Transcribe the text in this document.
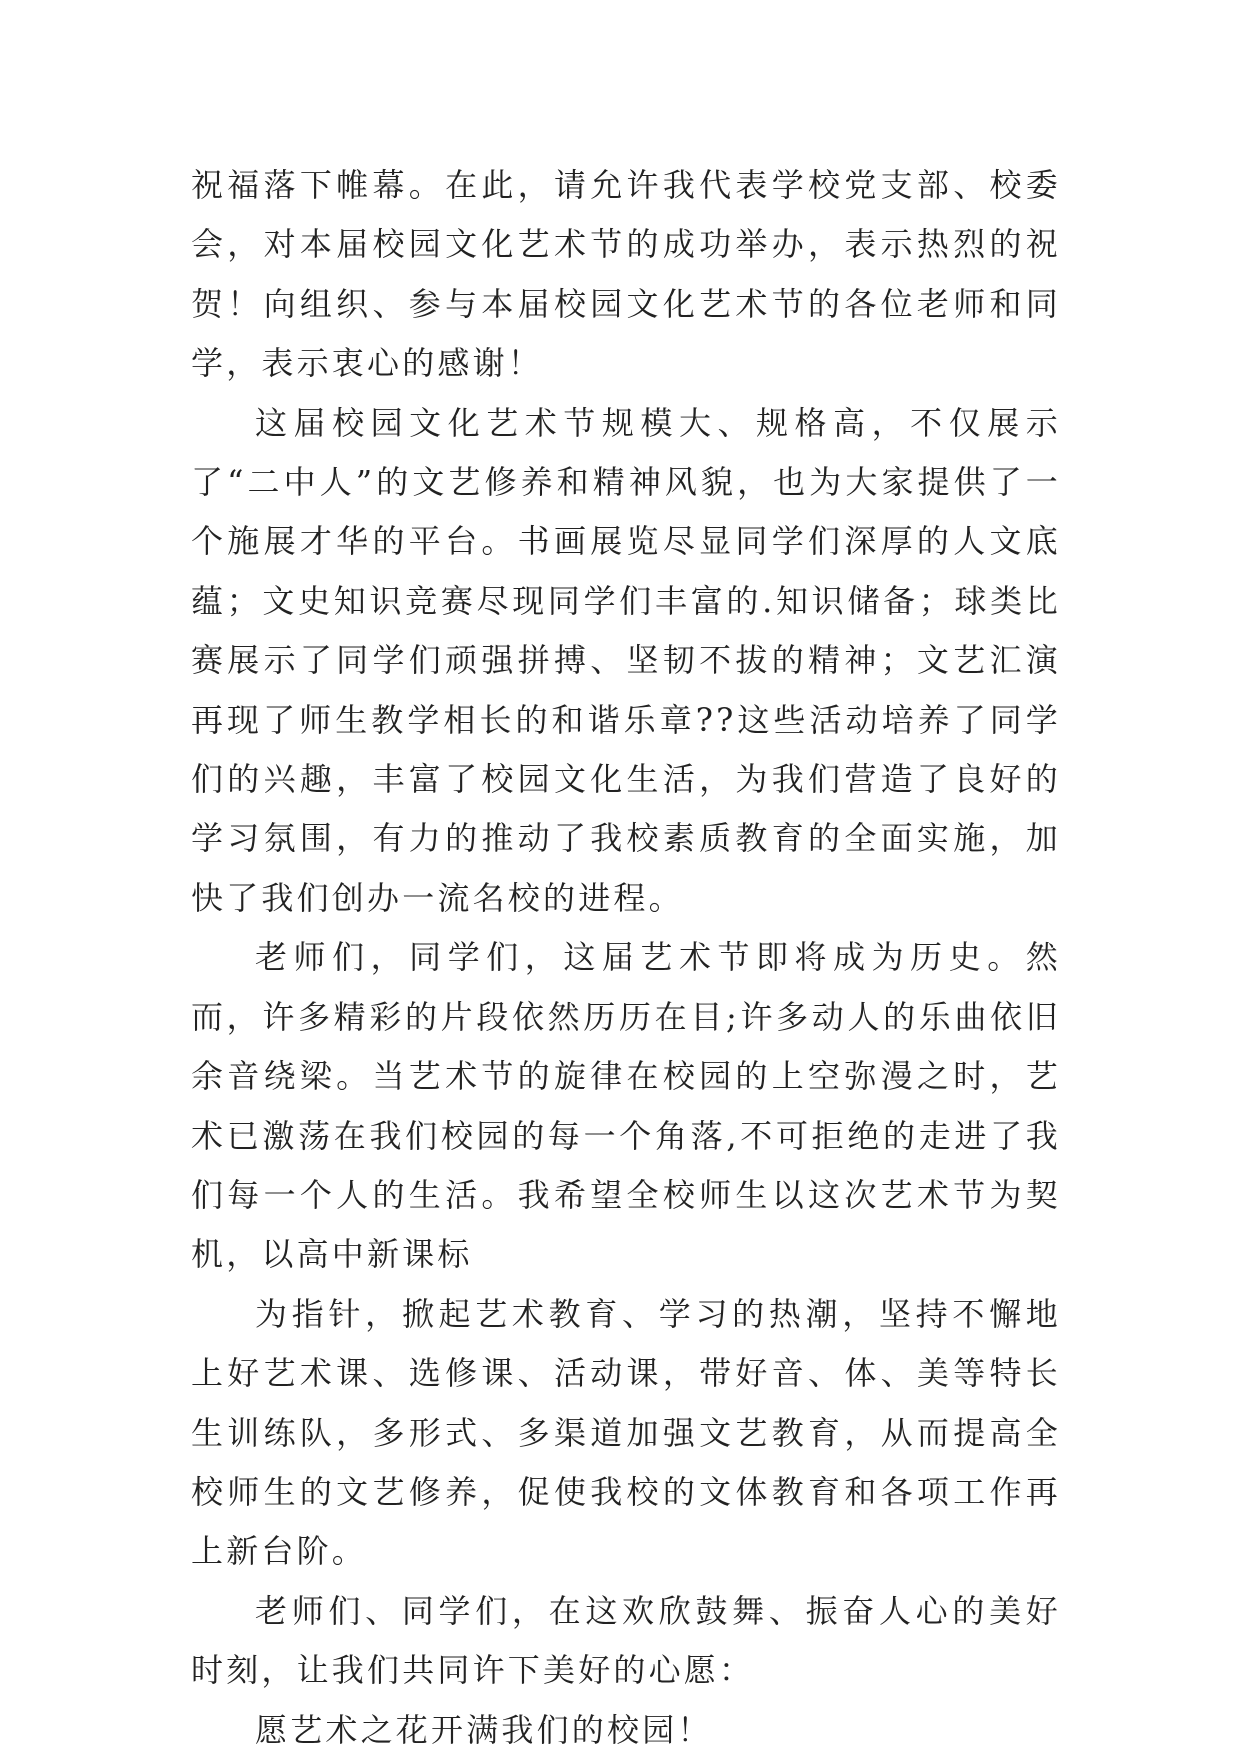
祝福落下帷幕。在此，请允许我代表学校党支部、校委会，对本届校园文化艺术节的成功举办，表示热烈的祝贺！向组织、参与本届校园文化艺术节的各位老师和同学，表示衷心的感谢！

这届校园文化艺术节规模大、规格高，不仅展示了“二中人”的文艺修养和精神风貌，也为大家提供了一个施展才华的平台。书画展览尽显同学们深厚的人文底蕴；文史知识竞赛尽现同学们丰富的.知识储备；球类比赛展示了同学们顽强拼搏、坚韧不拔的精神；文艺汇演再现了师生教学相长的和谐乐章??这些活动培养了同学们的兴趣，丰富了校园文化生活，为我们营造了良好的学习氛围，有力的推动了我校素质教育的全面实施，加快了我们创办一流名校的进程。

老师们，同学们，这届艺术节即将成为历史。然而，许多精彩的片段依然历历在目;许多动人的乐曲依旧余音绕梁。当艺术节的旋律在校园的上空弥漫之时，艺术已激荡在我们校园的每一个角落,不可拒绝的走进了我们每一个人的生活。我希望全校师生以这次艺术节为契机，以高中新课标

为指针，掀起艺术教育、学习的热潮，坚持不懈地上好艺术课、选修课、活动课，带好音、体、美等特长生训练队，多形式、多渠道加强文艺教育，从而提高全校师生的文艺修养，促使我校的文体教育和各项工作再上新台阶。

老师们、同学们，在这欢欣鼓舞、振奋人心的美好时刻，让我们共同许下美好的心愿：

愿艺术之花开满我们的校园！
